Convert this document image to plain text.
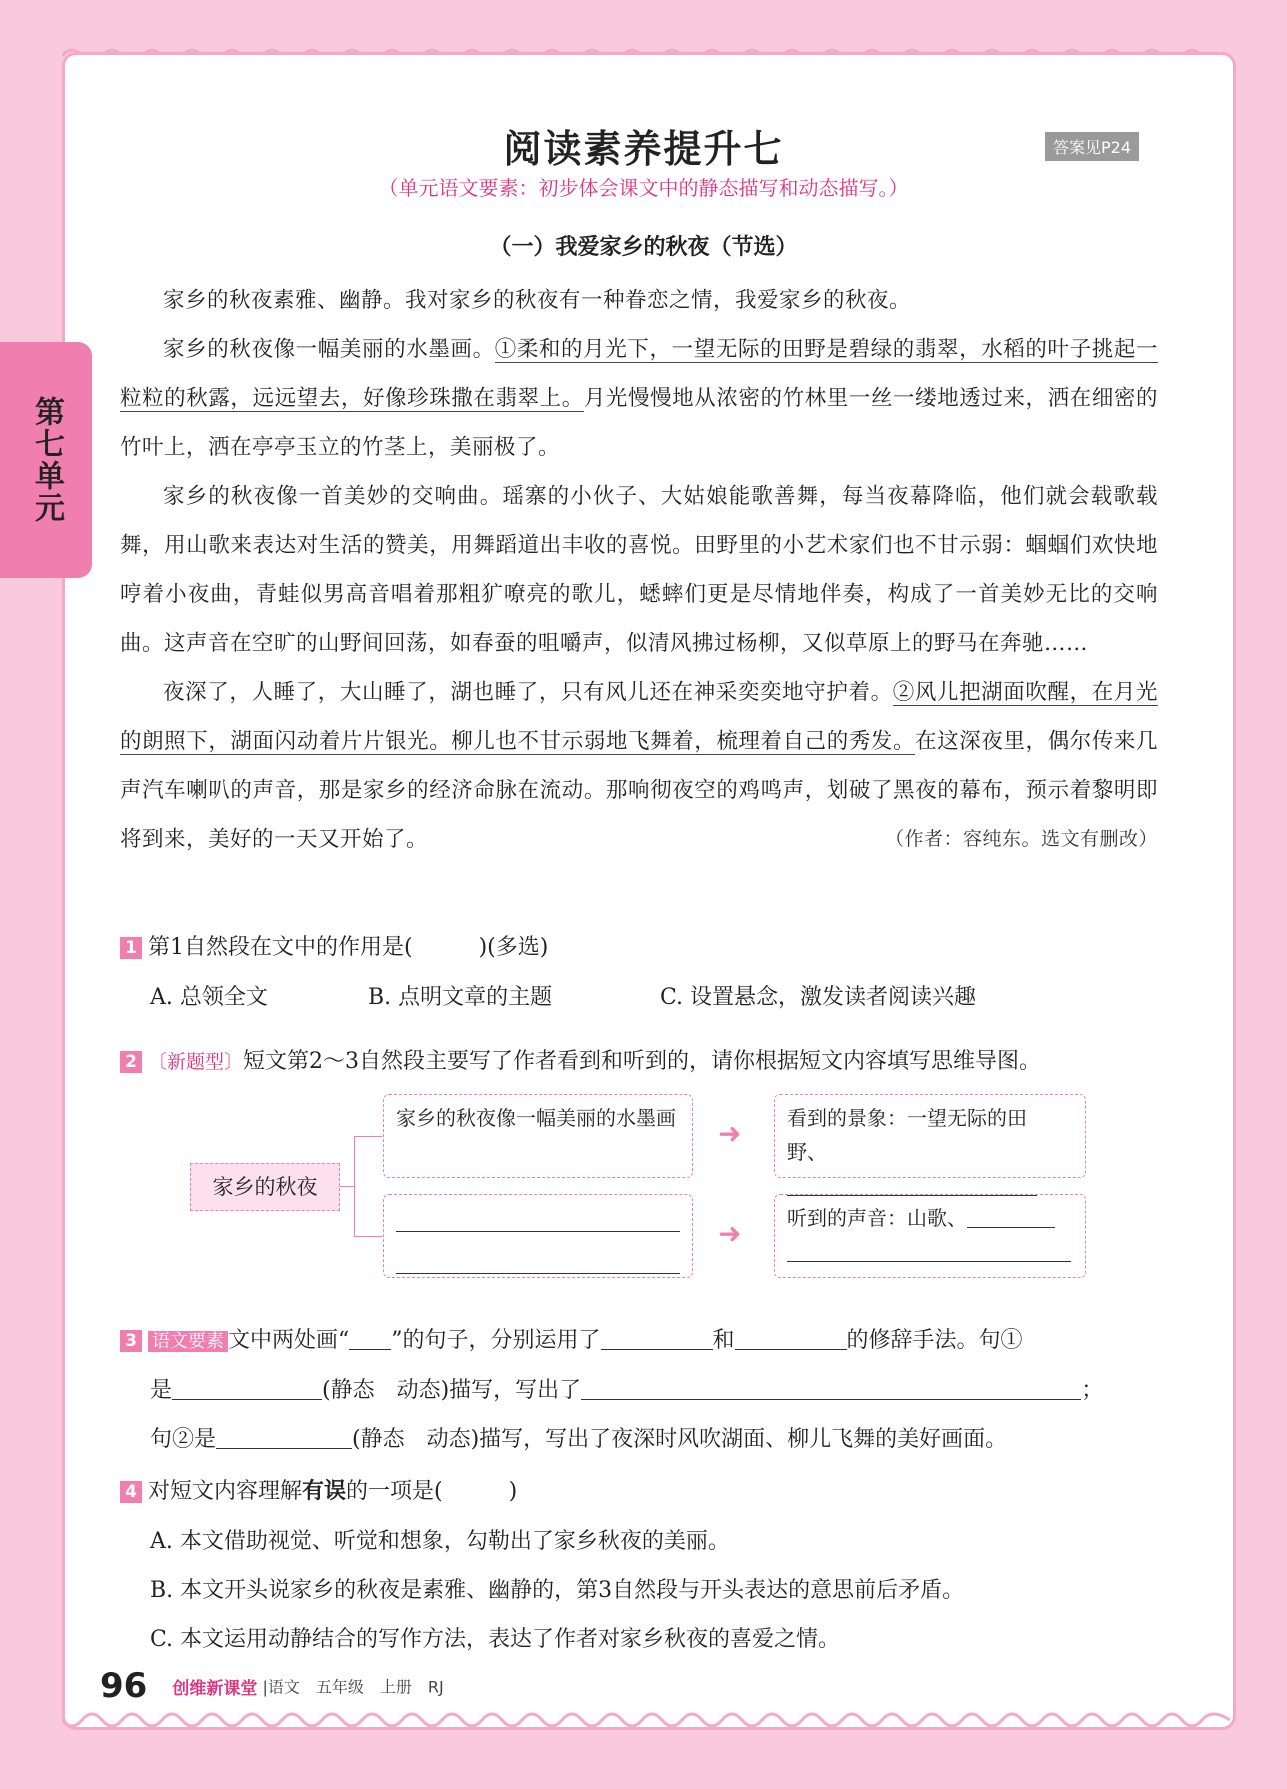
第七单元
阅读素养提升七	答案见P24
（单元语文要素：初步体会课文中的静态描写和动态描写。）
（一）我爱家乡的秋夜（节选）

家乡的秋夜素雅、幽静。我对家乡的秋夜有一种眷恋之情，我爱家乡的秋夜。

家乡的秋夜像一幅美丽的水墨画。①柔和的月光下，一望无际的田野是碧绿的翡翠，水稻的叶子挑起一粒粒的秋露，远远望去，好像珍珠撒在翡翠上。月光慢慢地从浓密的竹林里一丝一缕地透过来，洒在细密的竹叶上，洒在亭亭玉立的竹茎上，美丽极了。

家乡的秋夜像一首美妙的交响曲。瑶寨的小伙子、大姑娘能歌善舞，每当夜幕降临，他们就会载歌载舞，用山歌来表达对生活的赞美，用舞蹈道出丰收的喜悦。田野里的小艺术家们也不甘示弱：蝈蝈们欢快地哼着小夜曲，青蛙似男高音唱着那粗犷嘹亮的歌儿，蟋蟀们更是尽情地伴奏，构成了一首美妙无比的交响曲。这声音在空旷的山野间回荡，如春蚕的咀嚼声，似清风拂过杨柳，又似草原上的野马在奔驰……

夜深了，人睡了，大山睡了，湖也睡了，只有风儿还在神采奕奕地守护着。②风儿把湖面吹醒，在月光的朗照下，湖面闪动着片片银光。柳儿也不甘示弱地飞舞着，梳理着自己的秀发。在这深夜里，偶尔传来几声汽车喇叭的声音，那是家乡的经济命脉在流动。那响彻夜空的鸡鸣声，划破了黑夜的幕布，预示着黎明即将到来，美好的一天又开始了。	（作者：容纯东。选文有删改）

1 第1自然段在文中的作用是(　　　)(多选)
A. 总领全文	B. 点明文章的主题	C. 设置悬念，激发读者阅读兴趣
2 〔新题型〕短文第2～3自然段主要写了作者看到和听到的，请你根据短文内容填写思维导图。
家乡的秋夜
家乡的秋夜像一幅美丽的水墨画
	➜
➜
看到的景象：一望无际的田
野、
听到的声音：山歌、
3 语文要素 文中两处画“ ”的句子，分别运用了	和	的修辞手法。句①
是	(静态　动态)描写，写出了	；
句②是	(静态　动态)描写，写出了夜深时风吹湖面、柳儿飞舞的美好画面。
4 对短文内容理解有误的一项是(　　　)
A. 本文借助视觉、听觉和想象，勾勒出了家乡秋夜的美丽。
B. 本文开头说家乡的秋夜是素雅、幽静的，第3自然段与开头表达的意思前后矛盾。
C. 本文运用动静结合的写作方法，表达了作者对家乡秋夜的喜爱之情。
96 创维新课堂 |语文　五年级　上册　RJ
